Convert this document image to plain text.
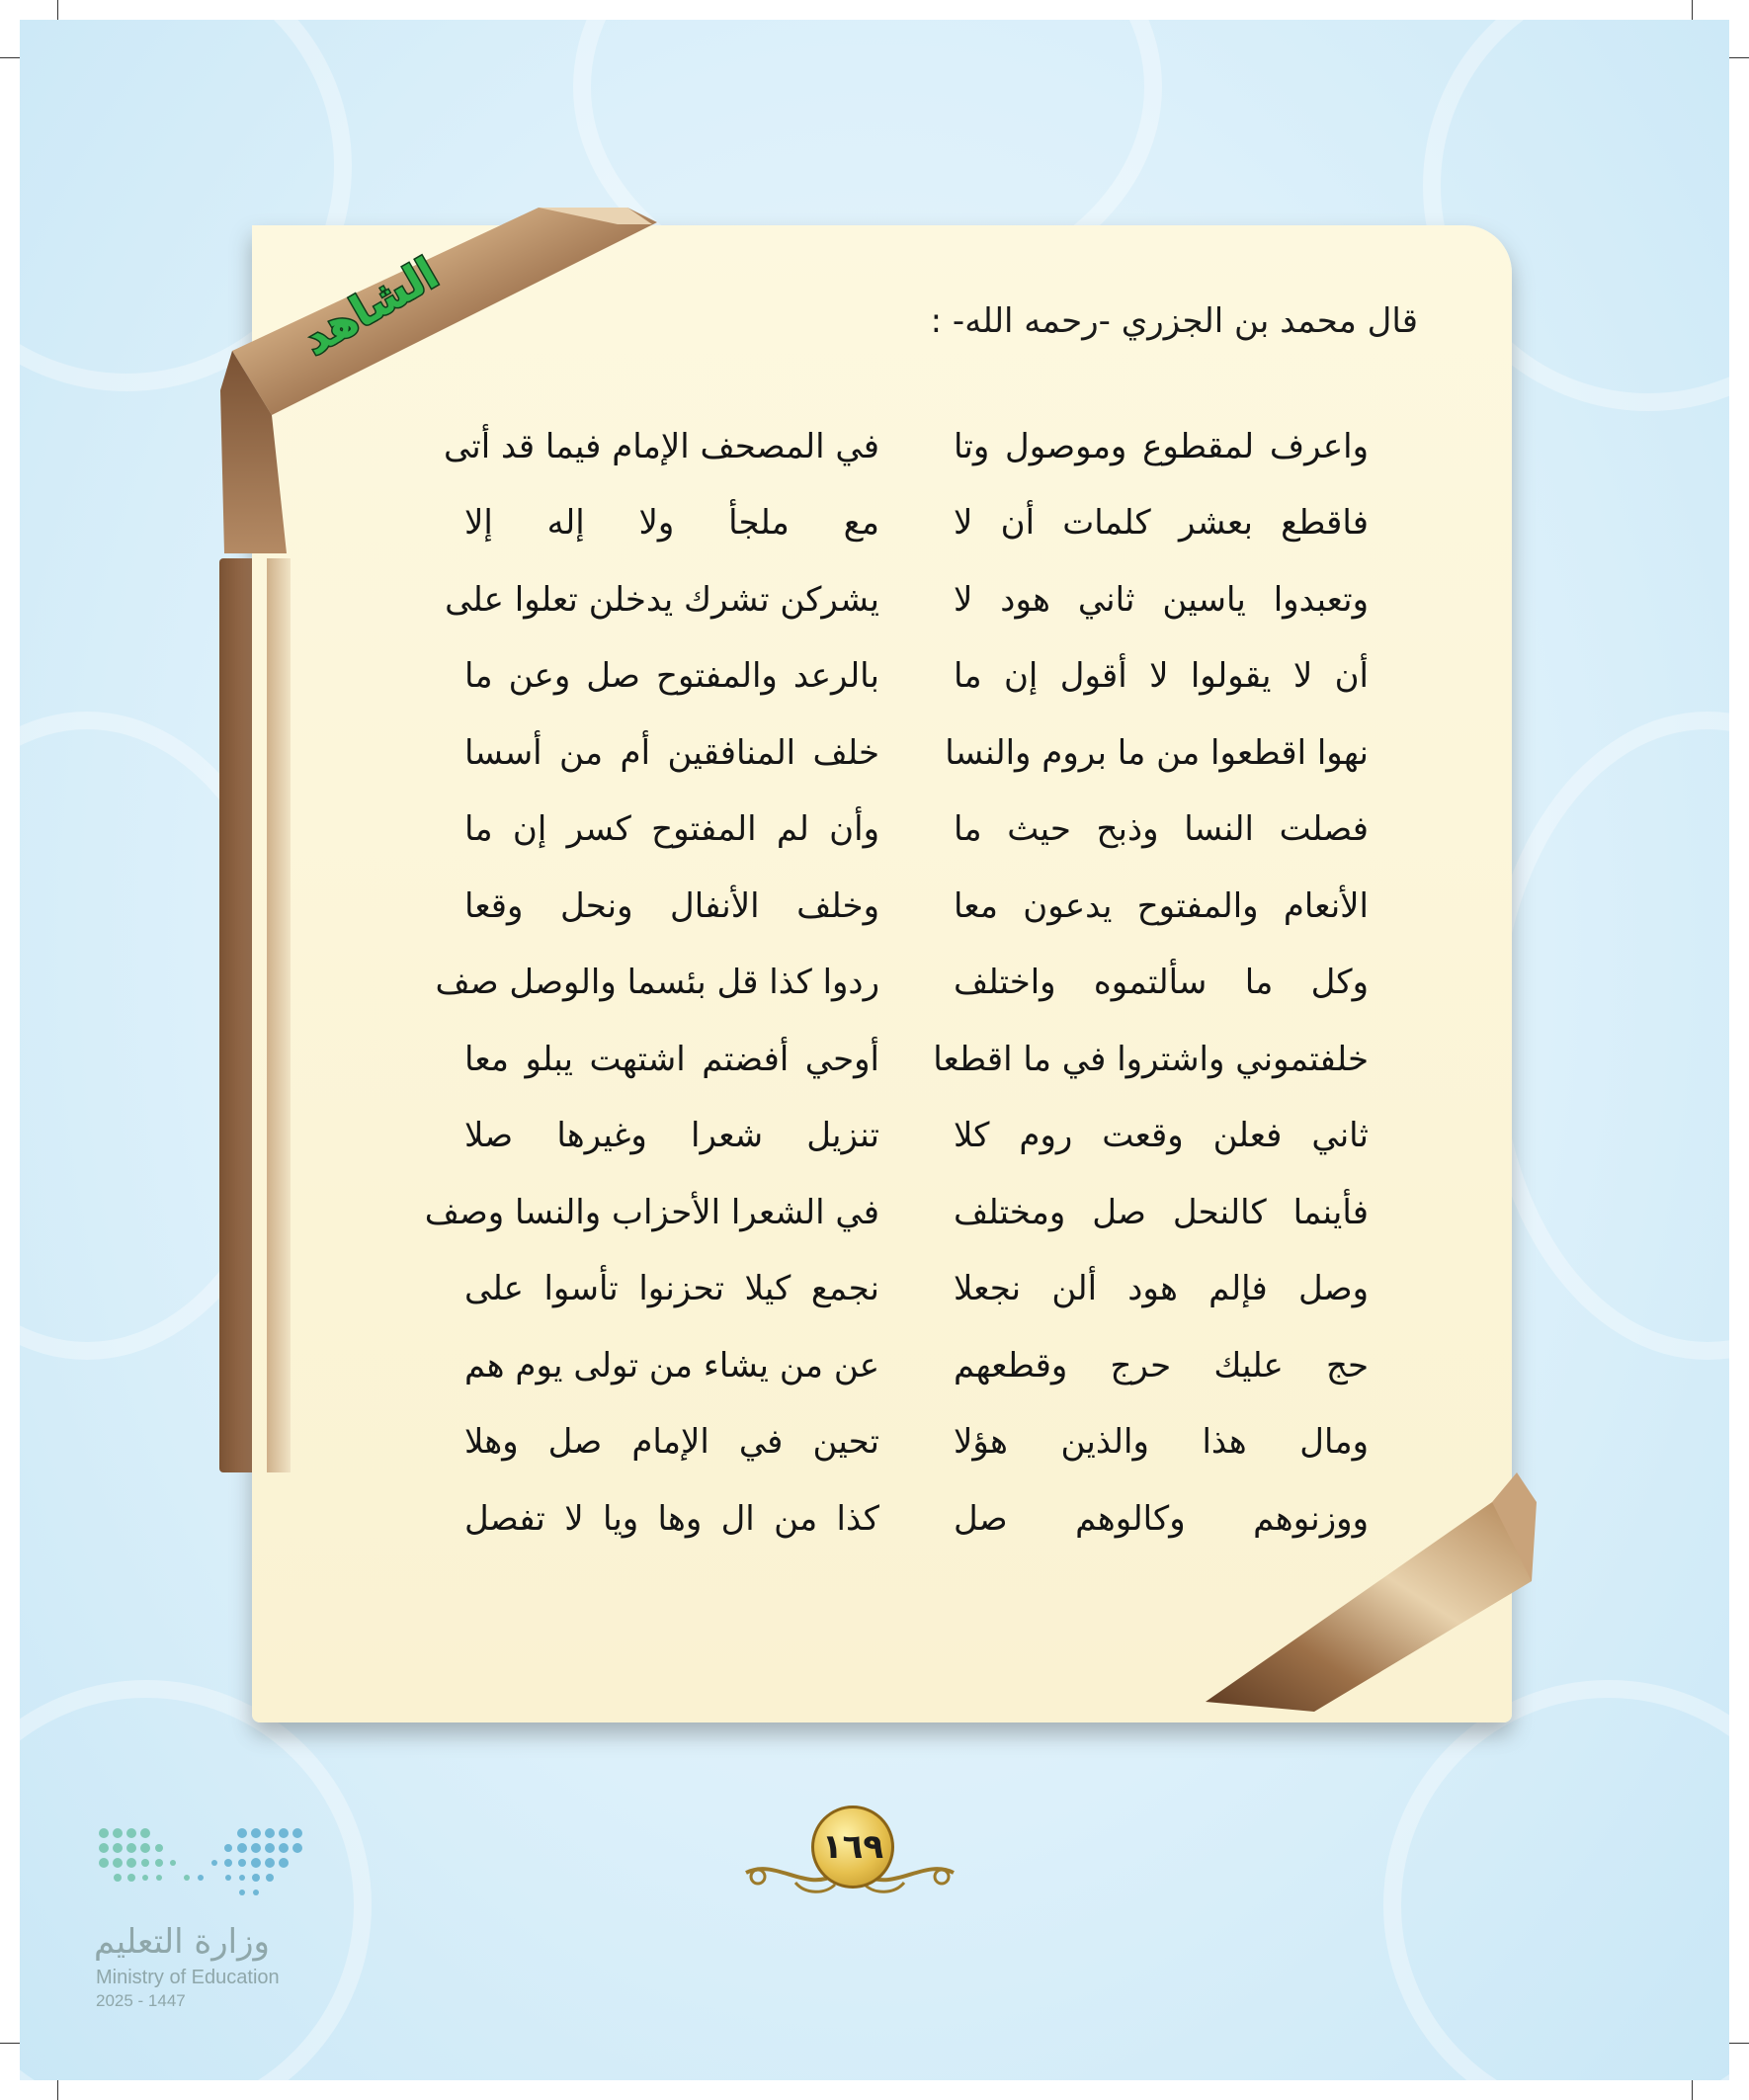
الشاهد	قال محمد بن الجزري -رحمه الله- :
واعرف لمقطوع وموصول وتا
في المصحف الإمام فيما قد أتى
فاقطع بعشر كلمات أن لا
مع ملجأ ولا إله إلا
وتعبدوا ياسين ثاني هود لا
يشركن تشرك يدخلن تعلوا على
أن لا يقولوا لا أقول إن ما
بالرعد والمفتوح صل وعن ما
نهوا اقطعوا من ما بروم والنسا
خلف المنافقين أم من أسسا
فصلت النسا وذبح حيث ما
وأن لم المفتوح كسر إن ما
الأنعام والمفتوح يدعون معا
وخلف الأنفال ونحل وقعا
وكل ما سألتموه واختلف
ردوا كذا قل بئسما والوصل صف
خلفتموني واشتروا في ما اقطعا
أوحي أفضتم اشتهت يبلو معا
ثاني فعلن وقعت روم كلا
تنزيل شعرا وغيرها صلا
فأينما كالنحل صل ومختلف
في الشعرا الأحزاب والنسا وصف
وصل فإلم هود ألن نجعلا
نجمع كيلا تحزنوا تأسوا على
حج عليك حرج وقطعهم
عن من يشاء من تولى يوم هم
ومال هذا والذين هؤلا
تحين في الإمام صل وهلا
ووزنوهم وكالوهم صل
كذا من ال وها ويا لا تفصل
١٦٩
وزارة التعليم
Ministry of Education
2025 - 1447
